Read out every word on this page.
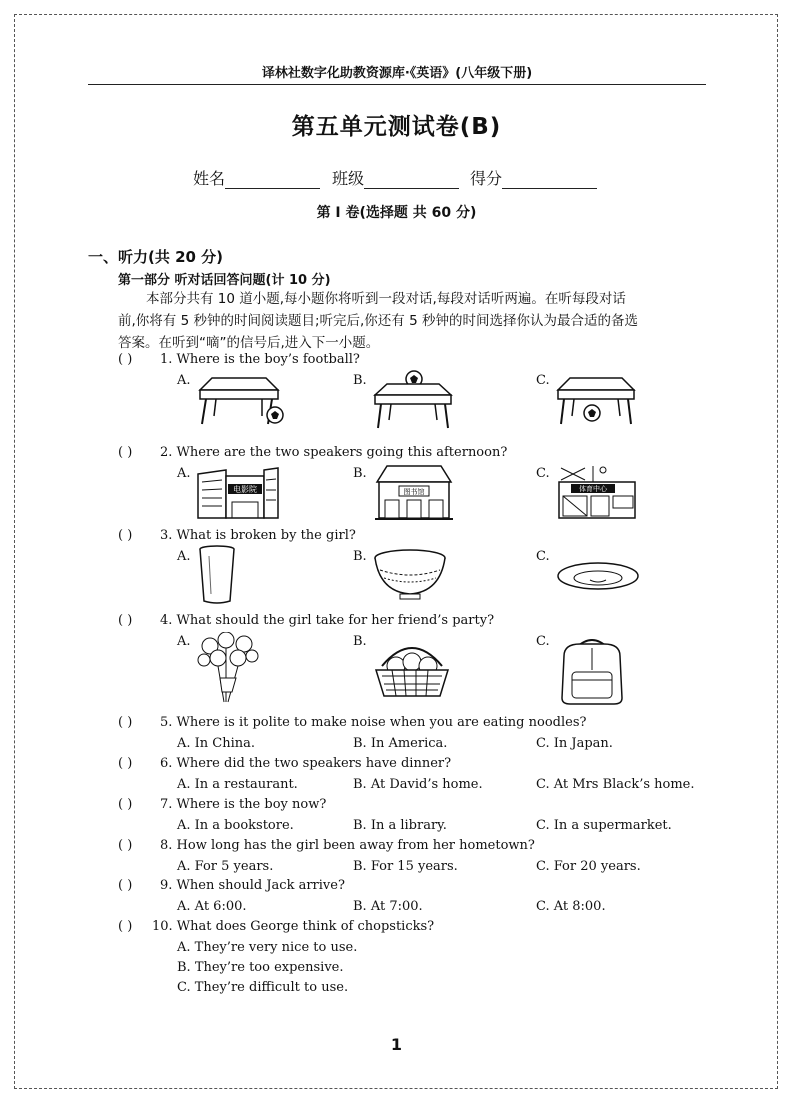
译林社数字化助教资源库·《英语》(八年级下册)
第五单元测试卷(B)
姓名	班级	得分
第 I 卷(选择题 共 60 分)
一、听力(共 20 分)
第一部分 听对话回答问题(计 10 分)
本部分共有 10 道小题,每小题你将听到一段对话,每段对话听两遍。在听每段对话
前,你将有 5 秒钟的时间阅读题目;听完后,你还有 5 秒钟的时间选择你认为最合适的备选
答案。在听到“嘀”的信号后,进入下一小题。
( ) 1. Where is the boy’s football?
A.	B.	C.
( ) 2. Where are the two speakers going this afternoon?
A.	B.	C.
电影院	图书馆	体育中心
( ) 3. What is broken by the girl?
A.	B.	C.
( ) 4. What should the girl take for her friend’s party?
A.	B.	C.
( ) 5. Where is it polite to make noise when you are eating noodles?
A. In China.	B. In America.	C. In Japan.
( ) 6. Where did the two speakers have dinner?
A. In a restaurant.	B. At David’s home.	C. At Mrs Black’s home.
( ) 7. Where is the boy now?
A. In a bookstore.	B. In a library.	C. In a supermarket.
( ) 8. How long has the girl been away from her hometown?
A. For 5 years.	B. For 15 years.	C. For 20 years.
( ) 9. When should Jack arrive?
A. At 6:00.	B. At 7:00.	C. At 8:00.
( ) 10. What does George think of chopsticks?
A. They’re very nice to use.
B. They’re too expensive.
C. They’re difficult to use.
1
